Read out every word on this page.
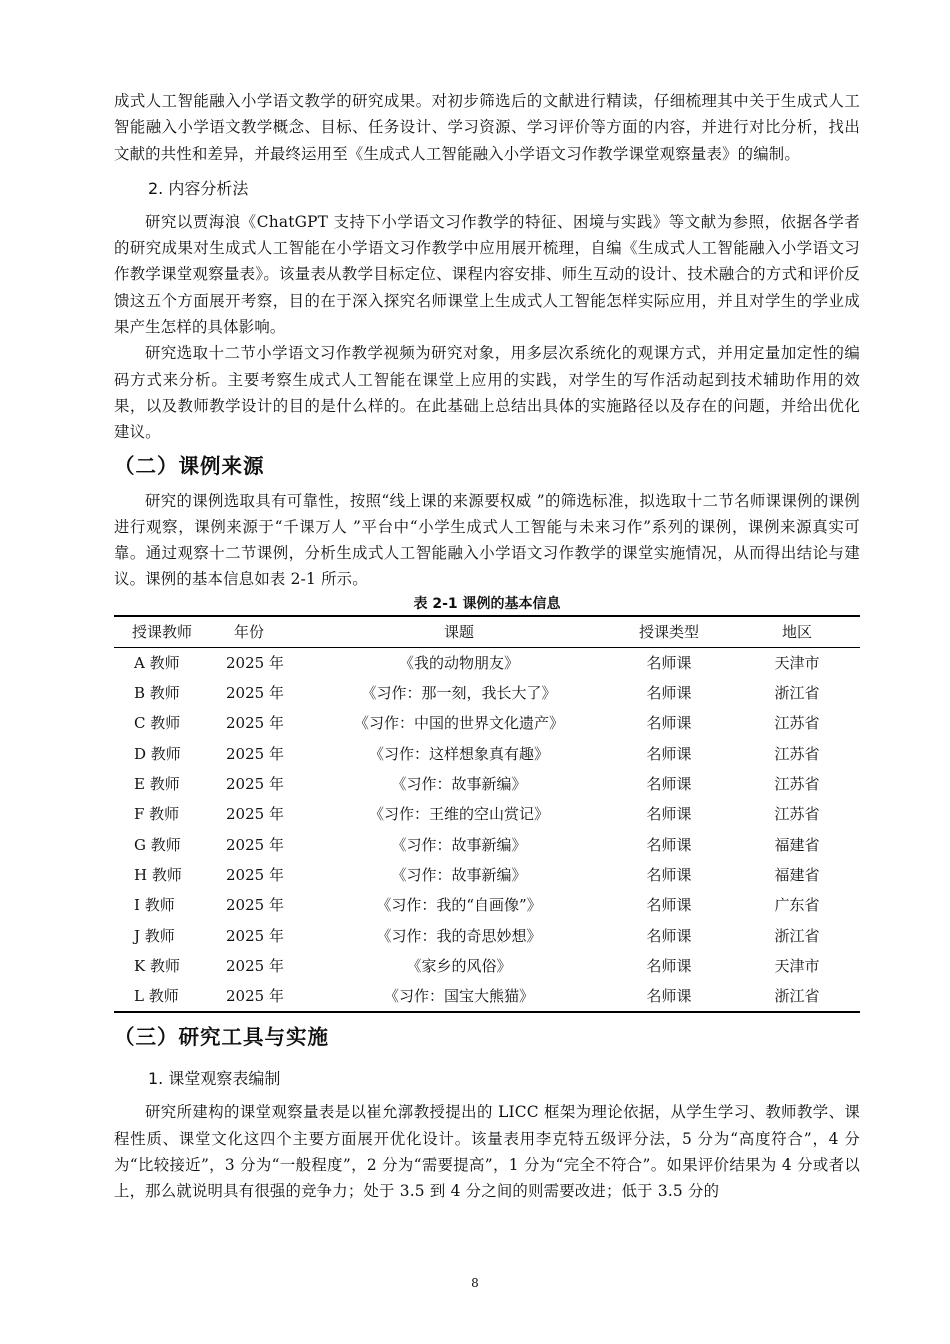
成式人工智能融入小学语文教学的研究成果。对初步筛选后的文献进行精读，仔细梳理其中关于生成式人工智能融入小学语文教学概念、目标、任务设计、学习资源、学习评价等方面的内容，并进行对比分析，找出文献的共性和差异，并最终运用至《生成式人工智能融入小学语文习作教学课堂观察量表》的编制。

2. 内容分析法

研究以贾海浪《ChatGPT 支持下小学语文习作教学的特征、困境与实践》等文献为参照，依据各学者的研究成果对生成式人工智能在小学语文习作教学中应用展开梳理，自编《生成式人工智能融入小学语文习作教学课堂观察量表》。该量表从教学目标定位、课程内容安排、师生互动的设计、技术融合的方式和评价反馈这五个方面展开考察，目的在于深入探究名师课堂上生成式人工智能怎样实际应用，并且对学生的学业成果产生怎样的具体影响。

研究选取十二节小学语文习作教学视频为研究对象，用多层次系统化的观课方式，并用定量加定性的编码方式来分析。主要考察生成式人工智能在课堂上应用的实践，对学生的写作活动起到技术辅助作用的效果，以及教师教学设计的目的是什么样的。在此基础上总结出具体的实施路径以及存在的问题，并给出优化建议。

（二）课例来源

研究的课例选取具有可靠性，按照“线上课的来源要权威 ”的筛选标准，拟选取十二节名师课课例的课例进行观察，课例来源于“千课万人 ”平台中“小学生成式人工智能与未来习作”系列的课例，课例来源真实可靠。通过观察十二节课例，分析生成式人工智能融入小学语文习作教学的课堂实施情况，从而得出结论与建议。课例的基本信息如表 2-1 所示。

表 2-1 课例的基本信息
授课教师	年份	课题	授课类型	地区
A 教师	2025 年	《我的动物朋友》	名师课	天津市
B 教师	2025 年	《习作：那一刻，我长大了》	名师课	浙江省
C 教师	2025 年	《习作：中国的世界文化遗产》	名师课	江苏省
D 教师	2025 年	《习作：这样想象真有趣》	名师课	江苏省
E 教师	2025 年	《习作：故事新编》	名师课	江苏省
F 教师	2025 年	《习作：王维的空山赏记》	名师课	江苏省
G 教师	2025 年	《习作：故事新编》	名师课	福建省
H 教师	2025 年	《习作：故事新编》	名师课	福建省
I 教师	2025 年	《习作：我的“自画像”》	名师课	广东省
J 教师	2025 年	《习作：我的奇思妙想》	名师课	浙江省
K 教师	2025 年	《家乡的风俗》	名师课	天津市
L 教师	2025 年	《习作：国宝大熊猫》	名师课	浙江省
（三）研究工具与实施
1. 课堂观察表编制

研究所建构的课堂观察量表是以崔允漷教授提出的 LICC 框架为理论依据，从学生学习、教师教学、课程性质、课堂文化这四个主要方面展开优化设计。该量表用李克特五级评分法，5 分为“高度符合”，4 分为“比较接近”，3 分为“一般程度”，2 分为“需要提高”，1 分为“完全不符合”。如果评价结果为 4 分或者以上，那么就说明具有很强的竞争力；处于 3.5 到 4 分之间的则需要改进；低于 3.5 分的

8
